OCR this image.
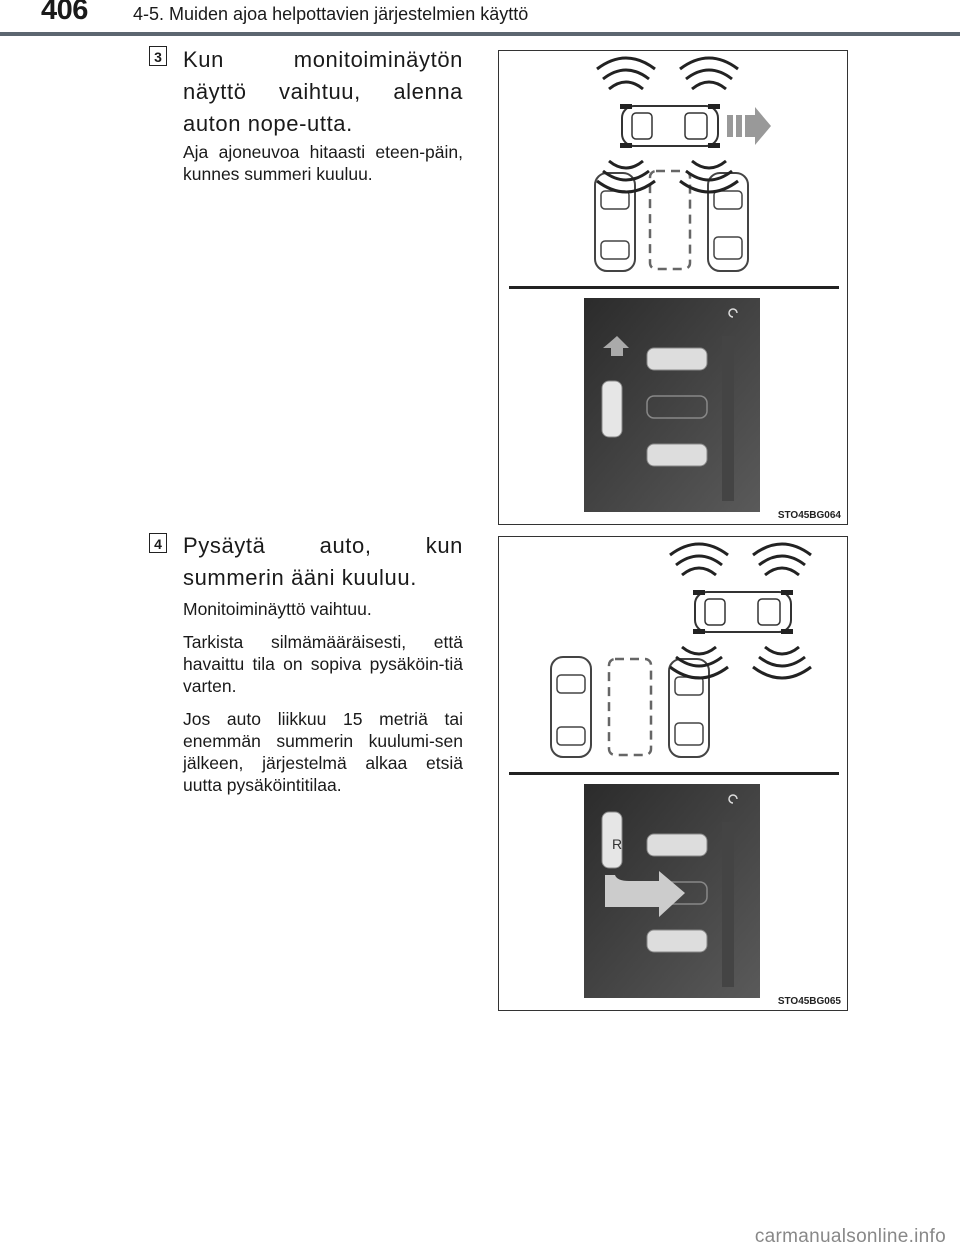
406	4-5. Muiden ajoa helpottavien järjestelmien käyttö
3 Kun monitoiminäytön näyttö vaihtuu, alenna auton nope-utta.

Aja ajoneuvoa hitaasti eteen-päin, kunnes summeri kuuluu.

STO45BG064
4 Pysäytä auto, kun summerin ääni kuuluu.

Monitoiminäyttö vaihtuu.

Tarkista silmämääräisesti, että havaittu tila on sopiva pysäköin-tiä varten.

Jos auto liikkuu 15 metriä tai enemmän summerin kuulumi-sen jälkeen, järjestelmä alkaa etsiä uutta pysäköintitilaa.

R
STO45BG065
carmanualsonline.info
